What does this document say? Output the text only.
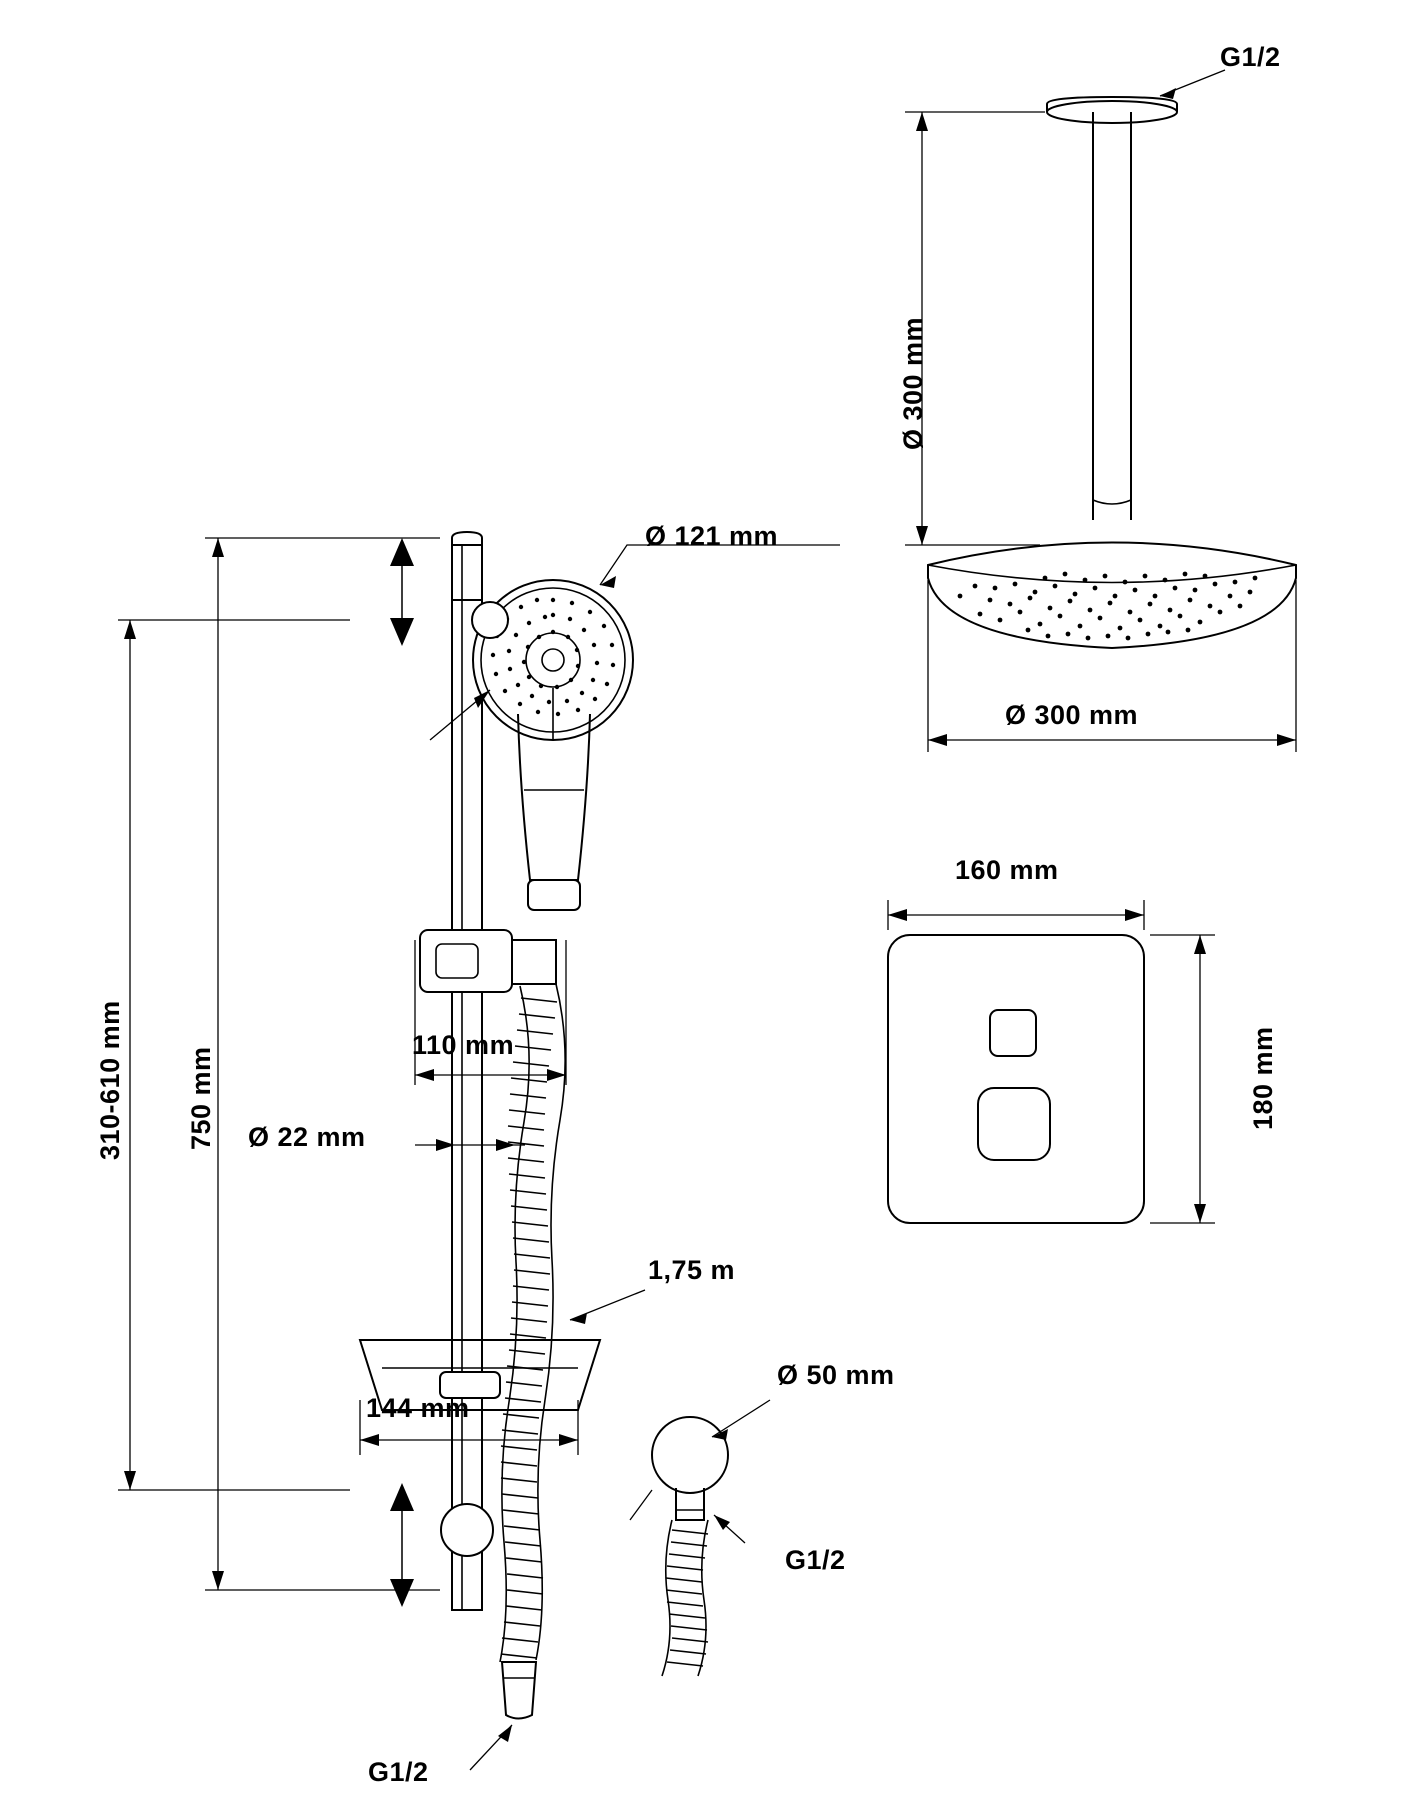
G1/2
Ø 300 mm
Ø 300 mm
Ø 121 mm
160 mm
180 mm
310-610 mm 750 mm
110 mm
Ø 22 mm
1,75 m
144 mm
Ø 50 mm
G1/2
G1/2
